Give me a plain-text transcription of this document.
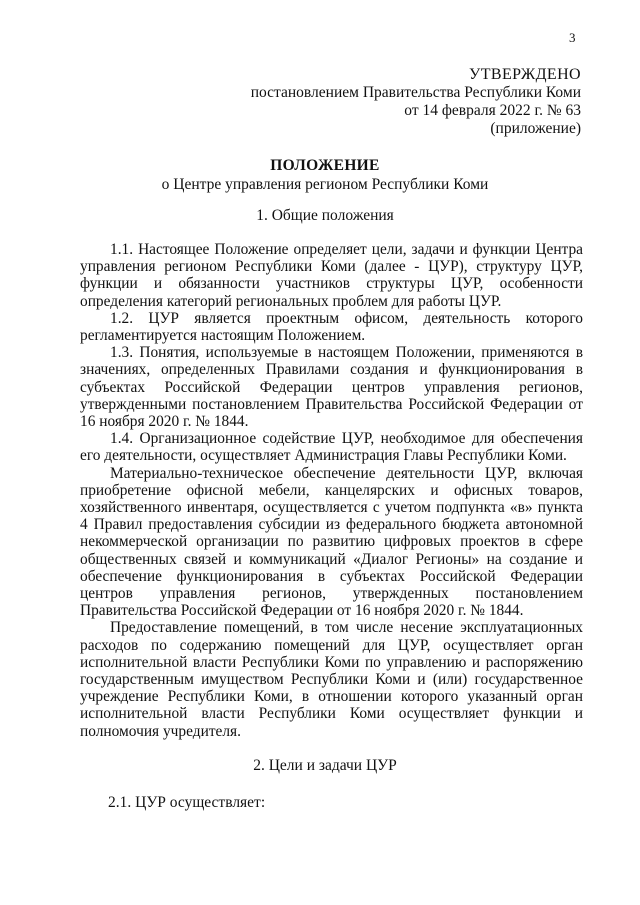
3
УТВЕРЖДЕНО
постановлением Правительства Республики Коми
от 14 февраля 2022 г. № 63
(приложение)
ПОЛОЖЕНИЕ
о Центре управления регионом Республики Коми
1. Общие положения

1.1. Настоящее Положение определяет цели, задачи и функции Центра управления регионом Республики Коми (далее - ЦУР), структуру ЦУР, функции и обязанности участников структуры ЦУР, особенности определения категорий региональных проблем для работы ЦУР.

1.2. ЦУР является проектным офисом, деятельность которого регламентируется настоящим Положением.

1.3. Понятия, используемые в настоящем Положении, применяются в значениях, определенных Правилами создания и функционирования в субъектах Российской Федерации центров управления регионов, утвержденными постановлением Правительства Российской Федерации от 16 ноября 2020 г. № 1844.

1.4. Организационное содействие ЦУР, необходимое для обеспечения его деятельности, осуществляет Администрация Главы Республики Коми.

Материально-техническое обеспечение деятельности ЦУР, включая приобретение офисной мебели, канцелярских и офисных товаров, хозяйственного инвентаря, осуществляется с учетом подпункта «в» пункта 4 Правил предоставления субсидии из федерального бюджета автономной некоммерческой организации по развитию цифровых проектов в сфере общественных связей и коммуникаций «Диалог Регионы» на создание и обеспечение функционирования в субъектах Российской Федерации центров управления регионов, утвержденных постановлением Правительства Российской Федерации от 16 ноября 2020 г. № 1844.

Предоставление помещений, в том числе несение эксплуатационных расходов по содержанию помещений для ЦУР, осуществляет орган исполнительной власти Республики Коми по управлению и распоряжению государственным имуществом Республики Коми и (или) государственное учреждение Республики Коми, в отношении которого указанный орган исполнительной власти Республики Коми осуществляет функции и полномочия учредителя.

2. Цели и задачи ЦУР
2.1. ЦУР осуществляет:
